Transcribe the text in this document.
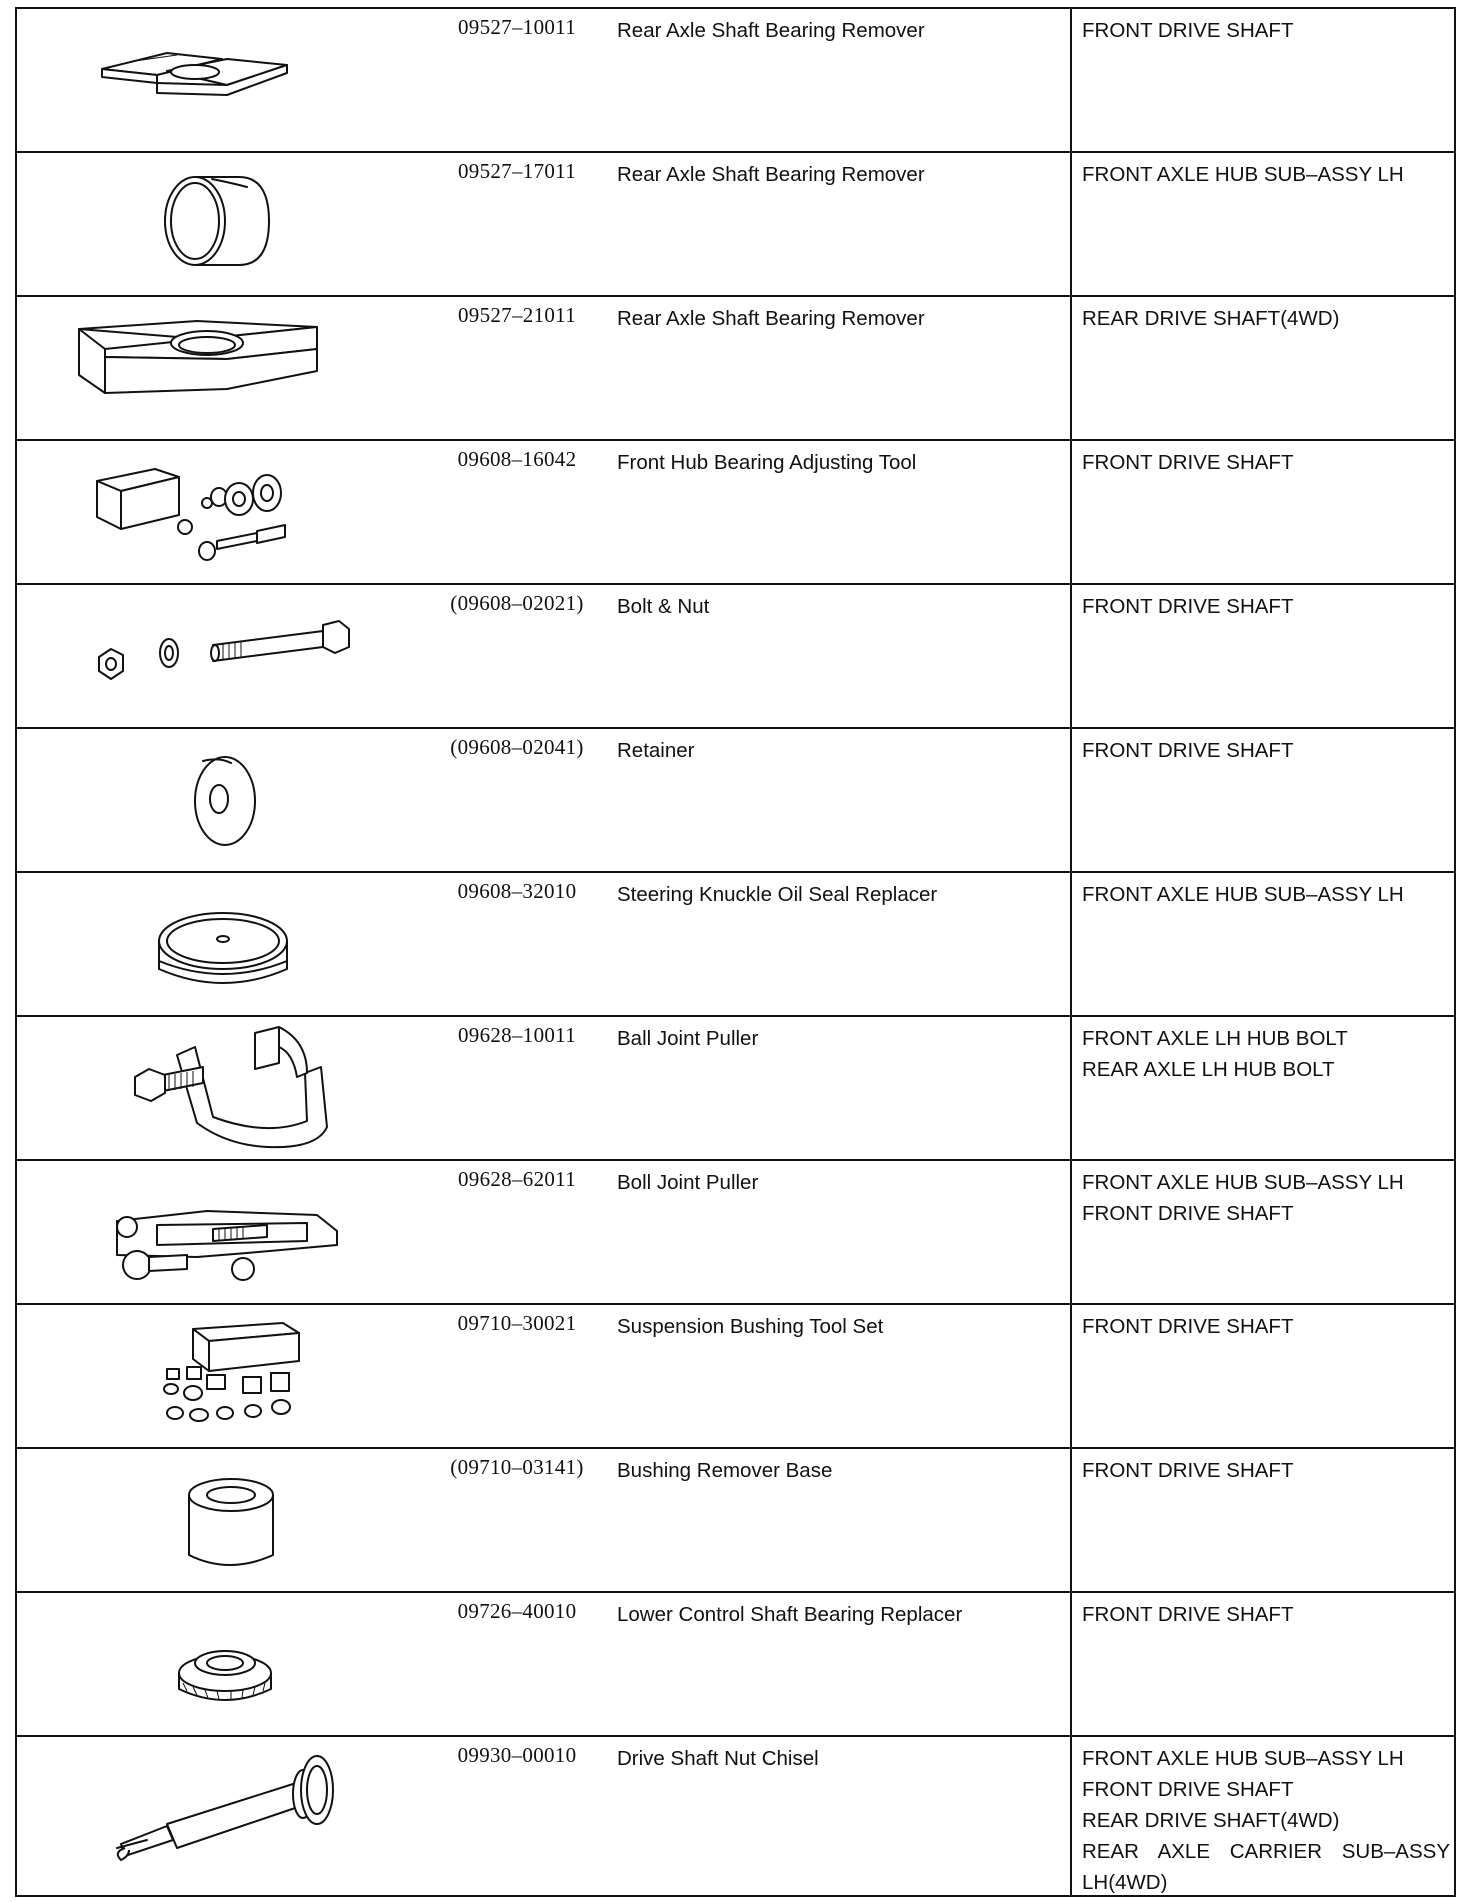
09527–10011	Rear Axle Shaft Bearing Remover	FRONT DRIVE SHAFT
09527–17011	Rear Axle Shaft Bearing Remover	FRONT AXLE HUB SUB–ASSY LH
09527–21011	Rear Axle Shaft Bearing Remover	REAR DRIVE SHAFT(4WD)
09608–16042	Front Hub Bearing Adjusting Tool	FRONT DRIVE SHAFT
(09608–02021)	Bolt & Nut	FRONT DRIVE SHAFT
(09608–02041)	Retainer	FRONT DRIVE SHAFT
09608–32010	Steering Knuckle Oil Seal Replacer	FRONT AXLE HUB SUB–ASSY LH
09628–10011	Ball Joint Puller	FRONT AXLE LH HUB BOLT
REAR AXLE LH HUB BOLT
09628–62011	Boll Joint Puller	FRONT AXLE HUB SUB–ASSY LH
FRONT DRIVE SHAFT
09710–30021	Suspension Bushing Tool Set	FRONT DRIVE SHAFT
(09710–03141)	Bushing Remover Base	FRONT DRIVE SHAFT
09726–40010	Lower Control Shaft Bearing Replacer	FRONT DRIVE SHAFT
09930–00010	Drive Shaft Nut Chisel	FRONT AXLE HUB SUB–ASSY LH
FRONT DRIVE SHAFT
REAR DRIVE SHAFT(4WD)
REAR AXLE CARRIER SUB–ASSY
LH(4WD)
